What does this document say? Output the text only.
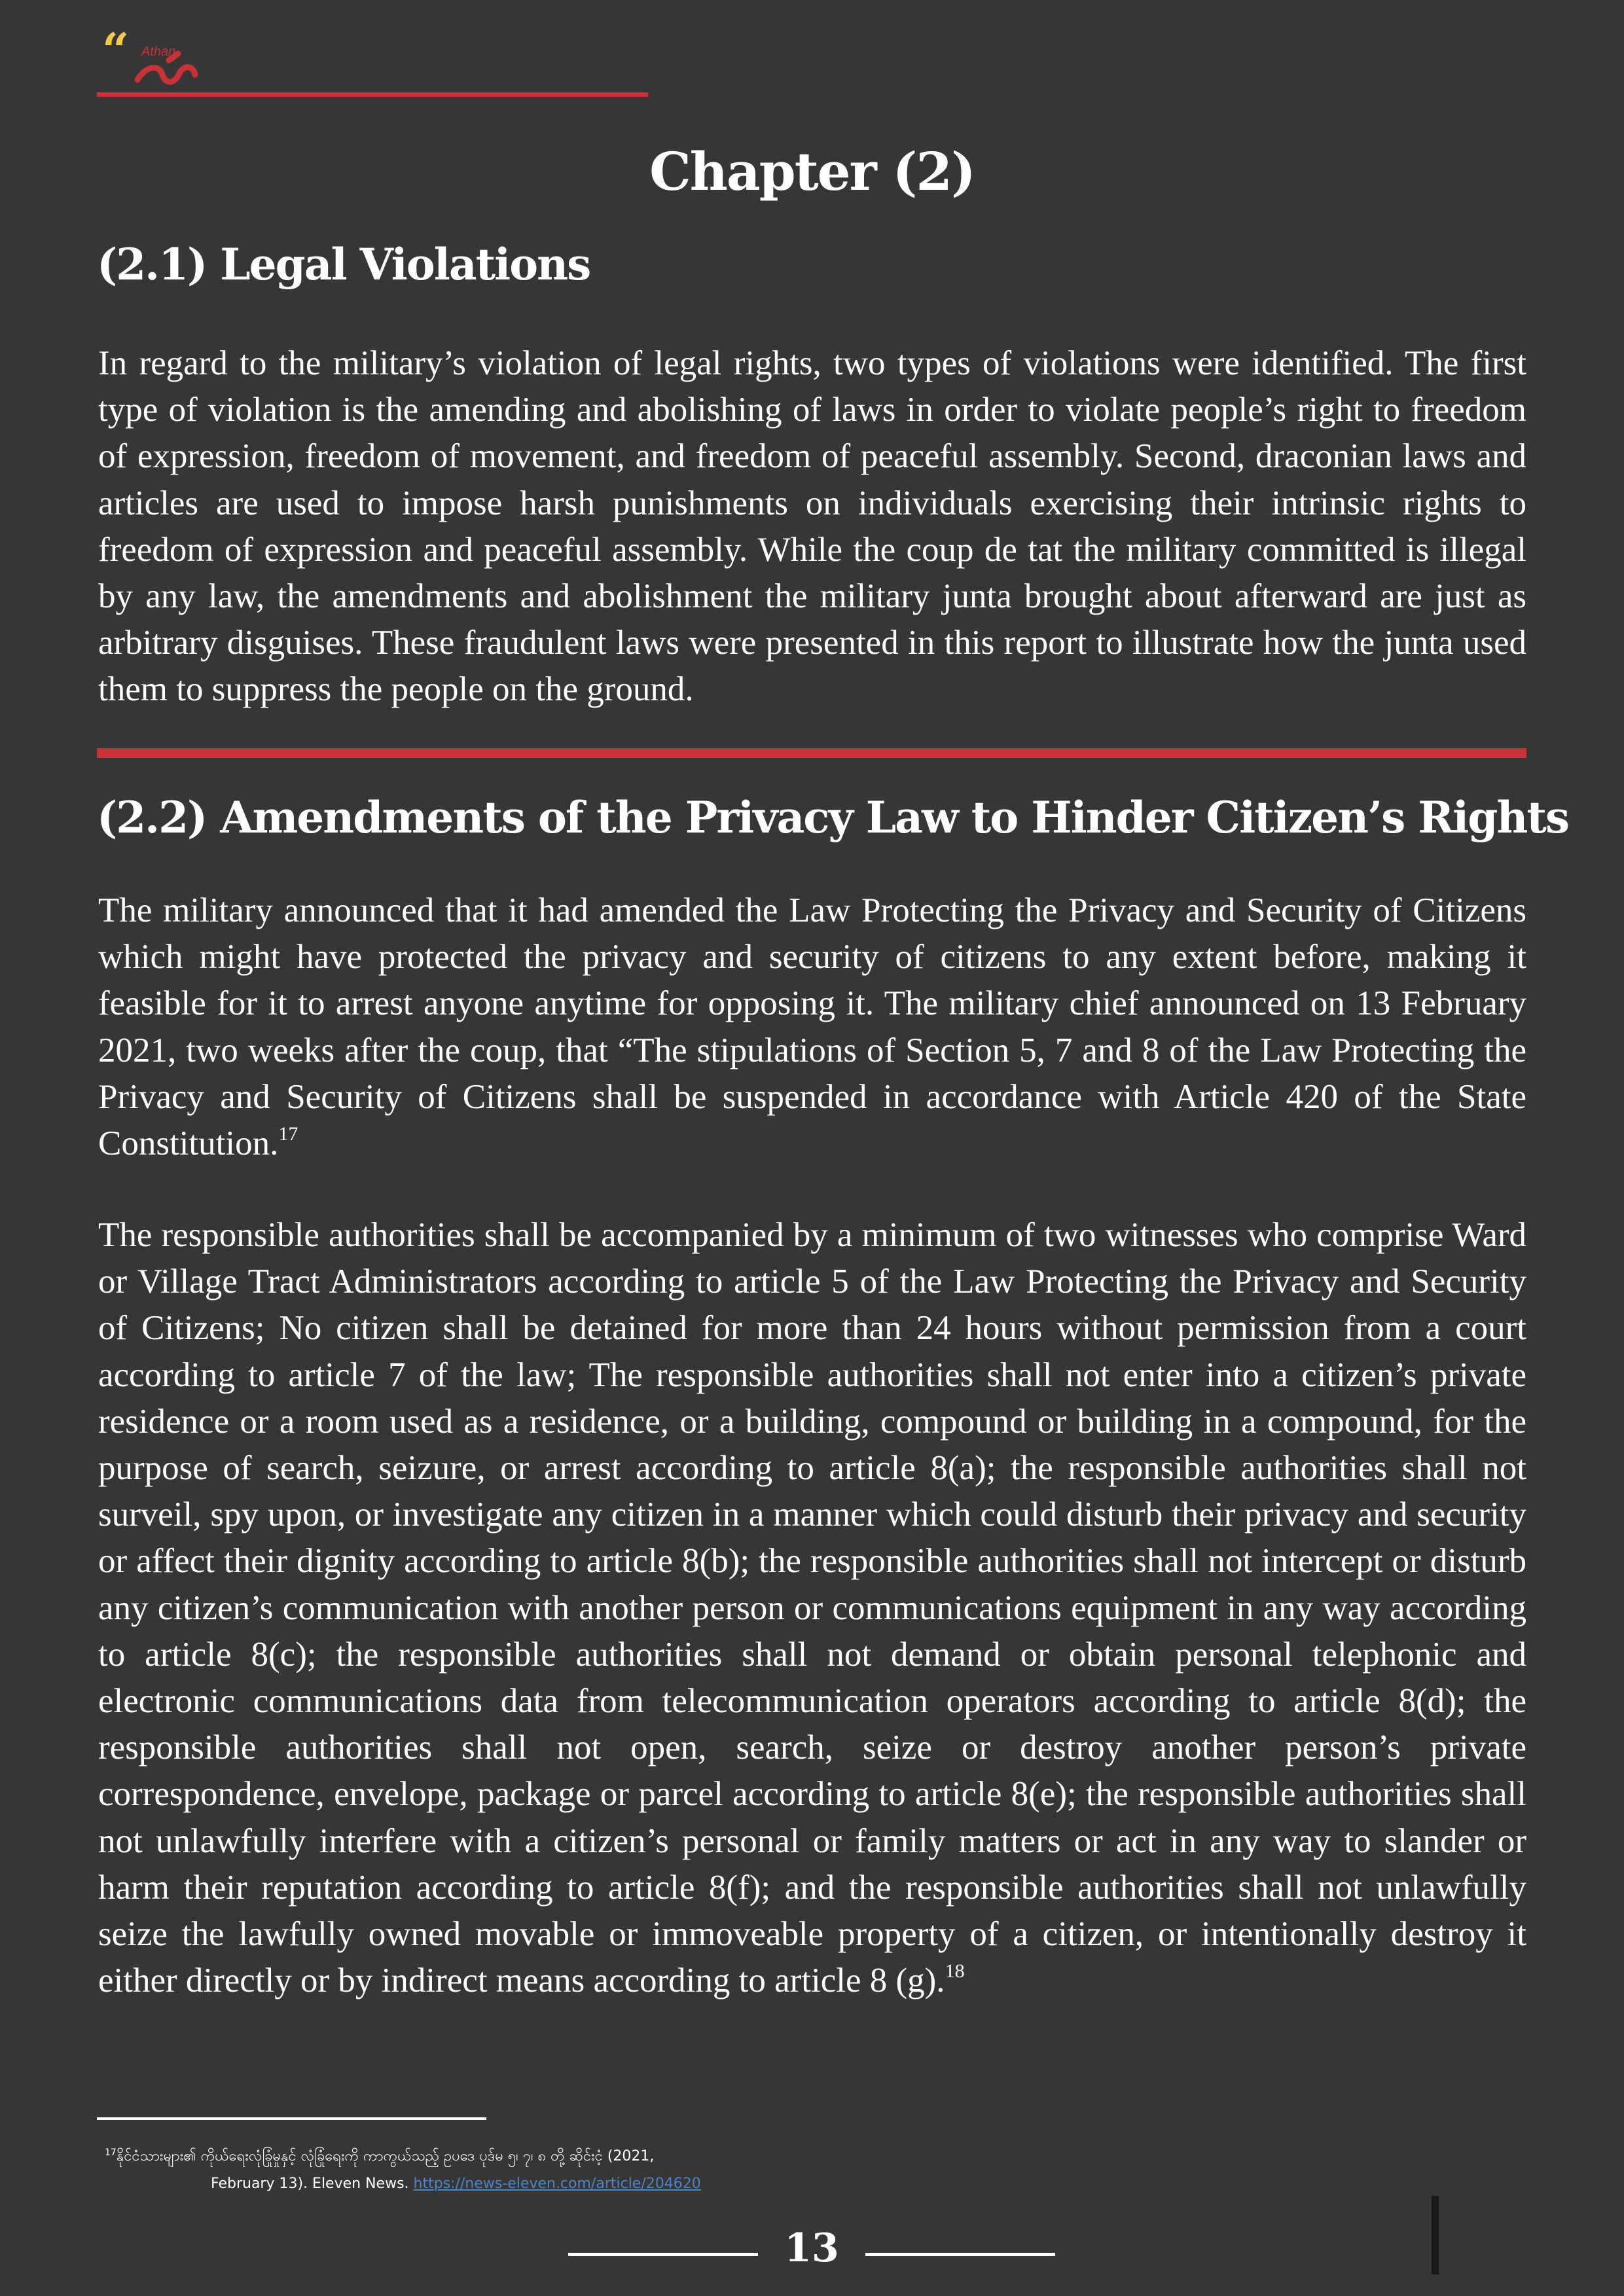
“ Athan
Chapter (2)
(2.1) Legal Violations

In regard to the military’s violation of legal rights, two types of violations were identified. The first type of violation is the amending and abolishing of laws in order to violate people’s right to freedom of expression, freedom of movement, and freedom of peaceful assembly. Second, draconian laws and articles are used to impose harsh punishments on individuals exercising their intrinsic rights to freedom of expression and peaceful assembly. While the coup de tat the military committed is illegal by any law, the amendments and abolishment the military junta brought about afterward are just as arbitrary disguises. These fraudulent laws were presented in this report to illustrate how the junta used them to suppress the people on the ground.

(2.2) Amendments of the Privacy Law to Hinder Citizen’s Rights

The military announced that it had amended the Law Protecting the Privacy and Security of Citizens which might have protected the privacy and security of citizens to any extent before, making it feasible for it to arrest anyone anytime for opposing it. The military chief announced on 13 February 2021, two weeks after the coup, that “The stipulations of Section 5, 7 and 8 of the Law Protecting the Privacy and Security of Citizens shall be suspended in accordance with Article 420 of the State Constitution.$^{17}$

The responsible authorities shall be accompanied by a minimum of two witnesses who comprise Ward or Village Tract Administrators according to article 5 of the Law Protecting the Privacy and Security of Citizens; No citizen shall be detained for more than 24 hours without permission from a court according to article 7 of the law; The responsible authorities shall not enter into a citizen’s private residence or a room used as a residence, or a building, compound or building in a compound, for the purpose of search, seizure, or arrest according to article 8(a); the responsible authorities shall not surveil, spy upon, or investigate any citizen in a manner which could disturb their privacy and security or affect their dignity according to article 8(b); the responsible authorities shall not intercept or disturb any citizen’s communication with another person or communications equipment in any way according to article 8(c); the responsible authorities shall not demand or obtain personal telephonic and electronic communications data from telecommunication operators according to article 8(d); the responsible authorities shall not open, search, seize or destroy another person’s private correspondence, envelope, package or parcel according to article 8(e); the responsible authorities shall not unlawfully interfere with a citizen’s personal or family matters or act in any way to slander or harm their reputation according to article 8(f); and the responsible authorities shall not unlawfully seize the lawfully owned movable or immoveable property of a citizen, or intentionally destroy it either directly or by indirect means according to article 8 (g).$^{18}$

$^{17}$နိုင်ငံသားများ၏ ကိုယ်ရေးလုံခြုံမှုနှင့် လုံခြုံရေးကို ကာကွယ်သည့် ဥပဒေ ပုဒ်မ ၅၊ ၇၊ ၈ တို့ ဆိုင်းငံ့ (2021,
February 13). Eleven News. https://news-eleven.com/article/204620

13
